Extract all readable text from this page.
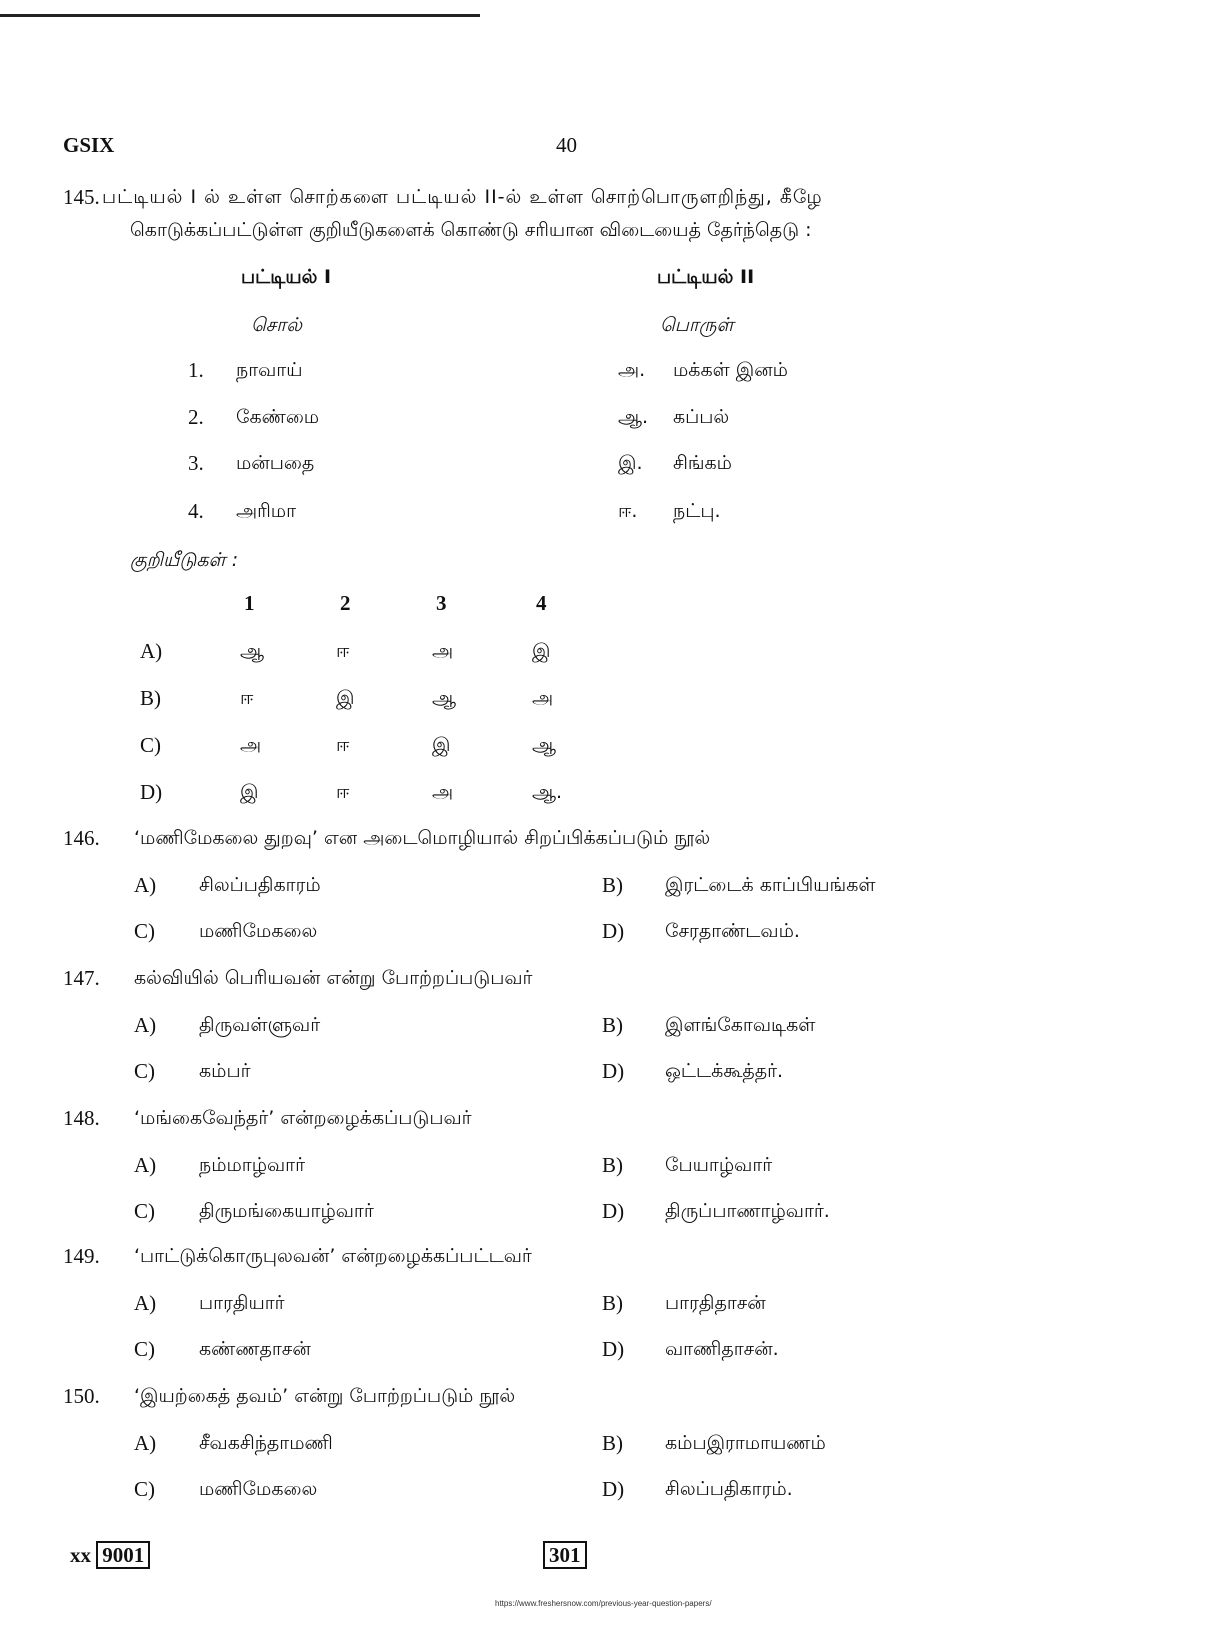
GSIX	40
145. பட்டியல் I ல் உள்ள சொற்களை பட்டியல் II-ல் உள்ள சொற்பொருளறிந்து, கீழே
கொடுக்கப்பட்டுள்ள குறியீடுகளைக் கொண்டு சரியான விடையைத் தேர்ந்தெடு :
பட்டியல் I	பட்டியல் II
சொல்	பொருள்
1. நாவாய்	அ. மக்கள் இனம்
2. கேண்மை	ஆ. கப்பல்
3. மன்பதை	இ. சிங்கம்
4. அரிமா	ஈ. நட்பு.
குறியீடுகள் :
1	2	3	4
A)	ஆ	ஈ	அ	இ
B)	ஈ	இ	ஆ	அ
C)	அ	ஈ	இ	ஆ
D)	இ	ஈ	அ	ஆ.
146. ‘மணிமேகலை துறவு’ என அடைமொழியால் சிறப்பிக்கப்படும் நூல்
A) சிலப்பதிகாரம்	B) இரட்டைக் காப்பியங்கள்
C) மணிமேகலை	D) சேரதாண்டவம்.
147. கல்வியில் பெரியவன் என்று போற்றப்படுபவர்
A) திருவள்ளுவர்	B) இளங்கோவடிகள்
C) கம்பர்	D) ஒட்டக்கூத்தர்.
148. ‘மங்கைவேந்தர்’ என்றழைக்கப்படுபவர்
A) நம்மாழ்வார்	B) பேயாழ்வார்
C) திருமங்கையாழ்வார்	D) திருப்பாணாழ்வார்.
149. ‘பாட்டுக்கொருபுலவன்’ என்றழைக்கப்பட்டவர்
A) பாரதியார்	B) பாரதிதாசன்
C) கண்ணதாசன்	D) வாணிதாசன்.
150. ‘இயற்கைத் தவம்’ என்று போற்றப்படும் நூல்
A) சீவகசிந்தாமணி	B) கம்பஇராமாயணம்
C) மணிமேகலை	D) சிலப்பதிகாரம்.
xx 9001	301
https://www.freshersnow.com/previous-year-question-papers/
